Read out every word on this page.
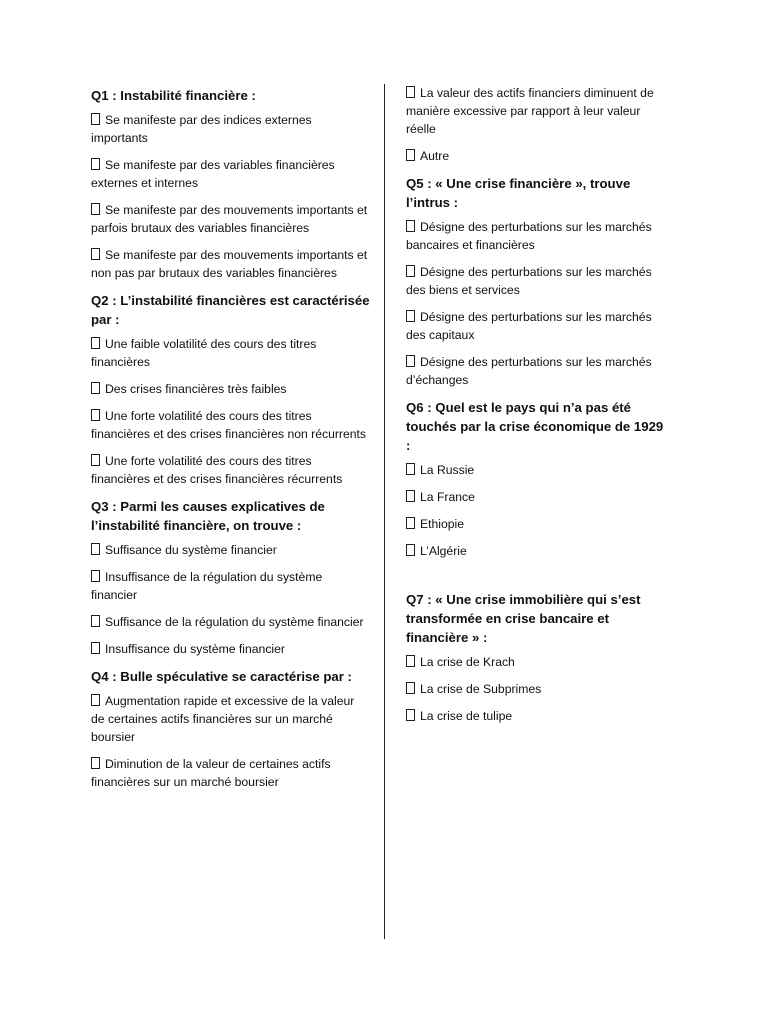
Q1 : Instabilité financière :
Se manifeste par des indices externes importants
Se manifeste par des variables financières externes et internes
Se manifeste par des mouvements importants et parfois brutaux des variables financières
Se manifeste par des mouvements importants et non pas par brutaux des variables financières
Q2 : L’instabilité financières est caractérisée par :
Une faible volatilité des cours des titres financières
Des crises financières très faibles
Une forte volatilité des cours des titres financières et des crises financières non récurrents
Une forte volatilité des cours des titres financières et des crises financières récurrents
Q3 : Parmi les causes explicatives de l’instabilité financière, on trouve :
Suffisance du système financier
Insuffisance de la régulation du système financier
Suffisance de la régulation du système financier
Insuffisance du système financier
Q4 : Bulle spéculative se caractérise par :
Augmentation rapide et excessive de la valeur de certaines actifs financières sur un marché boursier
Diminution de la valeur de certaines actifs financières sur un marché boursier
La valeur des actifs financiers diminuent de manière excessive par rapport à leur valeur réelle
Autre
Q5 : « Une crise financière », trouve l’intrus :
Désigne des perturbations sur les marchés bancaires et financières
Désigne des perturbations sur les marchés des biens et services
Désigne des perturbations sur les marchés des capitaux
Désigne des perturbations sur les marchés d’échanges
Q6 : Quel est le pays qui n’a pas été touchés par la crise économique de 1929 :
La Russie
La France
Ethiopie
L’Algérie
Q7 : « Une crise immobilière qui s’est transformée en crise bancaire et financière » :
La crise de Krach
La crise de Subprimes
La crise de tulipe
